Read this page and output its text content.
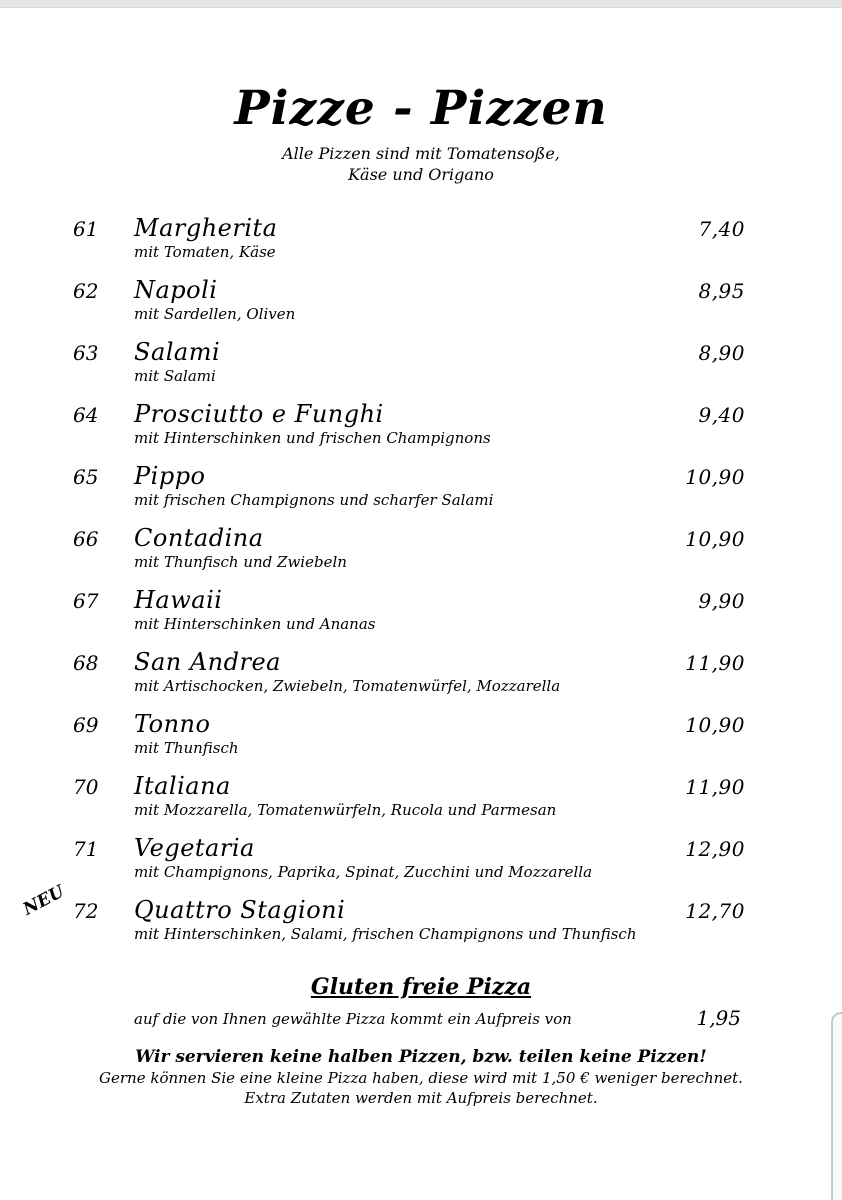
Pizze - Pizzen
Alle Pizzen sind mit Tomatensoße,
Käse und Origano
61 Margherita
mit Tomaten, Käse
7,40
62 Napoli
mit Sardellen, Oliven
8,95
63 Salami
mit Salami
8,90
64 Prosciutto e Funghi
mit Hinterschinken und frischen Champignons
9,40
65 Pippo
mit frischen Champignons und scharfer Salami
10,90
66 Contadina
mit Thunfisch und Zwiebeln
10,90
67 Hawaii
mit Hinterschinken und Ananas
9,90
68 San Andrea
mit Artischocken, Zwiebeln, Tomatenwürfel, Mozzarella
11,90
69 Tonno
mit Thunfisch
10,90
70 Italiana
mit Mozzarella, Tomatenwürfeln, Rucola und Parmesan
11,90
71 Vegetaria
mit Champignons, Paprika, Spinat, Zucchini und Mozzarella
12,90
NEU 72 Quattro Stagioni
mit Hinterschinken, Salami, frischen Champignons und Thunfisch
12,70
Gluten freie Pizza
auf die von Ihnen gewählte Pizza kommt ein Aufpreis von	1,95
Wir servieren keine halben Pizzen, bzw. teilen keine Pizzen!
Gerne können Sie eine kleine Pizza haben, diese wird mit 1,50 € weniger berechnet.
Extra Zutaten werden mit Aufpreis berechnet.
